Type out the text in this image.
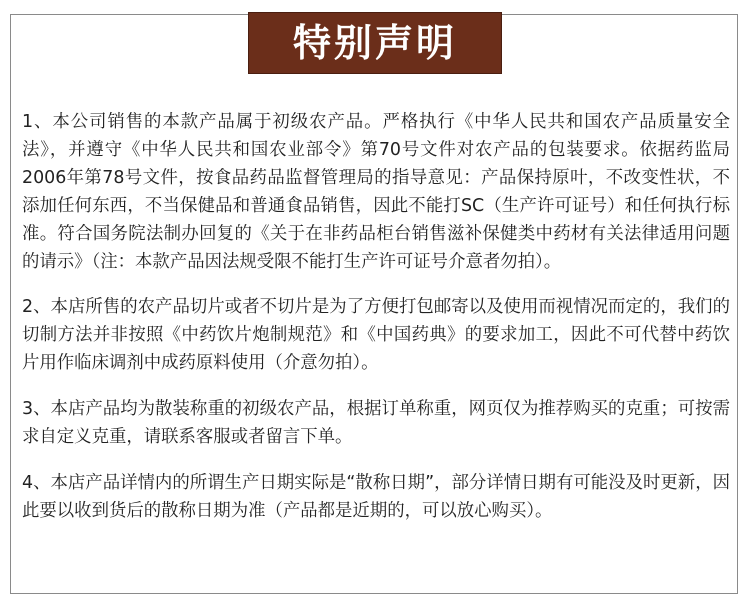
特别声明

1、本公司销售的本款产品属于初级农产品。严格执行《中华人民共和国农产品质量安全法》，并遵守《中华人民共和国农业部令》第70号文件对农产品的包装要求。依据药监局2006年第78号文件，按食品药品监督管理局的指导意见：产品保持原叶，不改变性状，不添加任何东西，不当保健品和普通食品销售，因此不能打SC（生产许可证号）和任何执行标准。符合国务院法制办回复的《关于在非药品柜台销售滋补保健类中药材有关法律适用问题的请示》（注：本款产品因法规受限不能打生产许可证号介意者勿拍）。

2、本店所售的农产品切片或者不切片是为了方便打包邮寄以及使用而视情况而定的，我们的切制方法并非按照《中药饮片炮制规范》和《中国药典》的要求加工，因此不可代替中药饮片用作临床调剂中成药原料使用（介意勿拍）。

3、本店产品均为散装称重的初级农产品，根据订单称重，网页仅为推荐购买的克重；可按需求自定义克重，请联系客服或者留言下单。

4、本店产品详情内的所谓生产日期实际是“散称日期”，部分详情日期有可能没及时更新，因此要以收到货后的散称日期为准（产品都是近期的，可以放心购买）。
